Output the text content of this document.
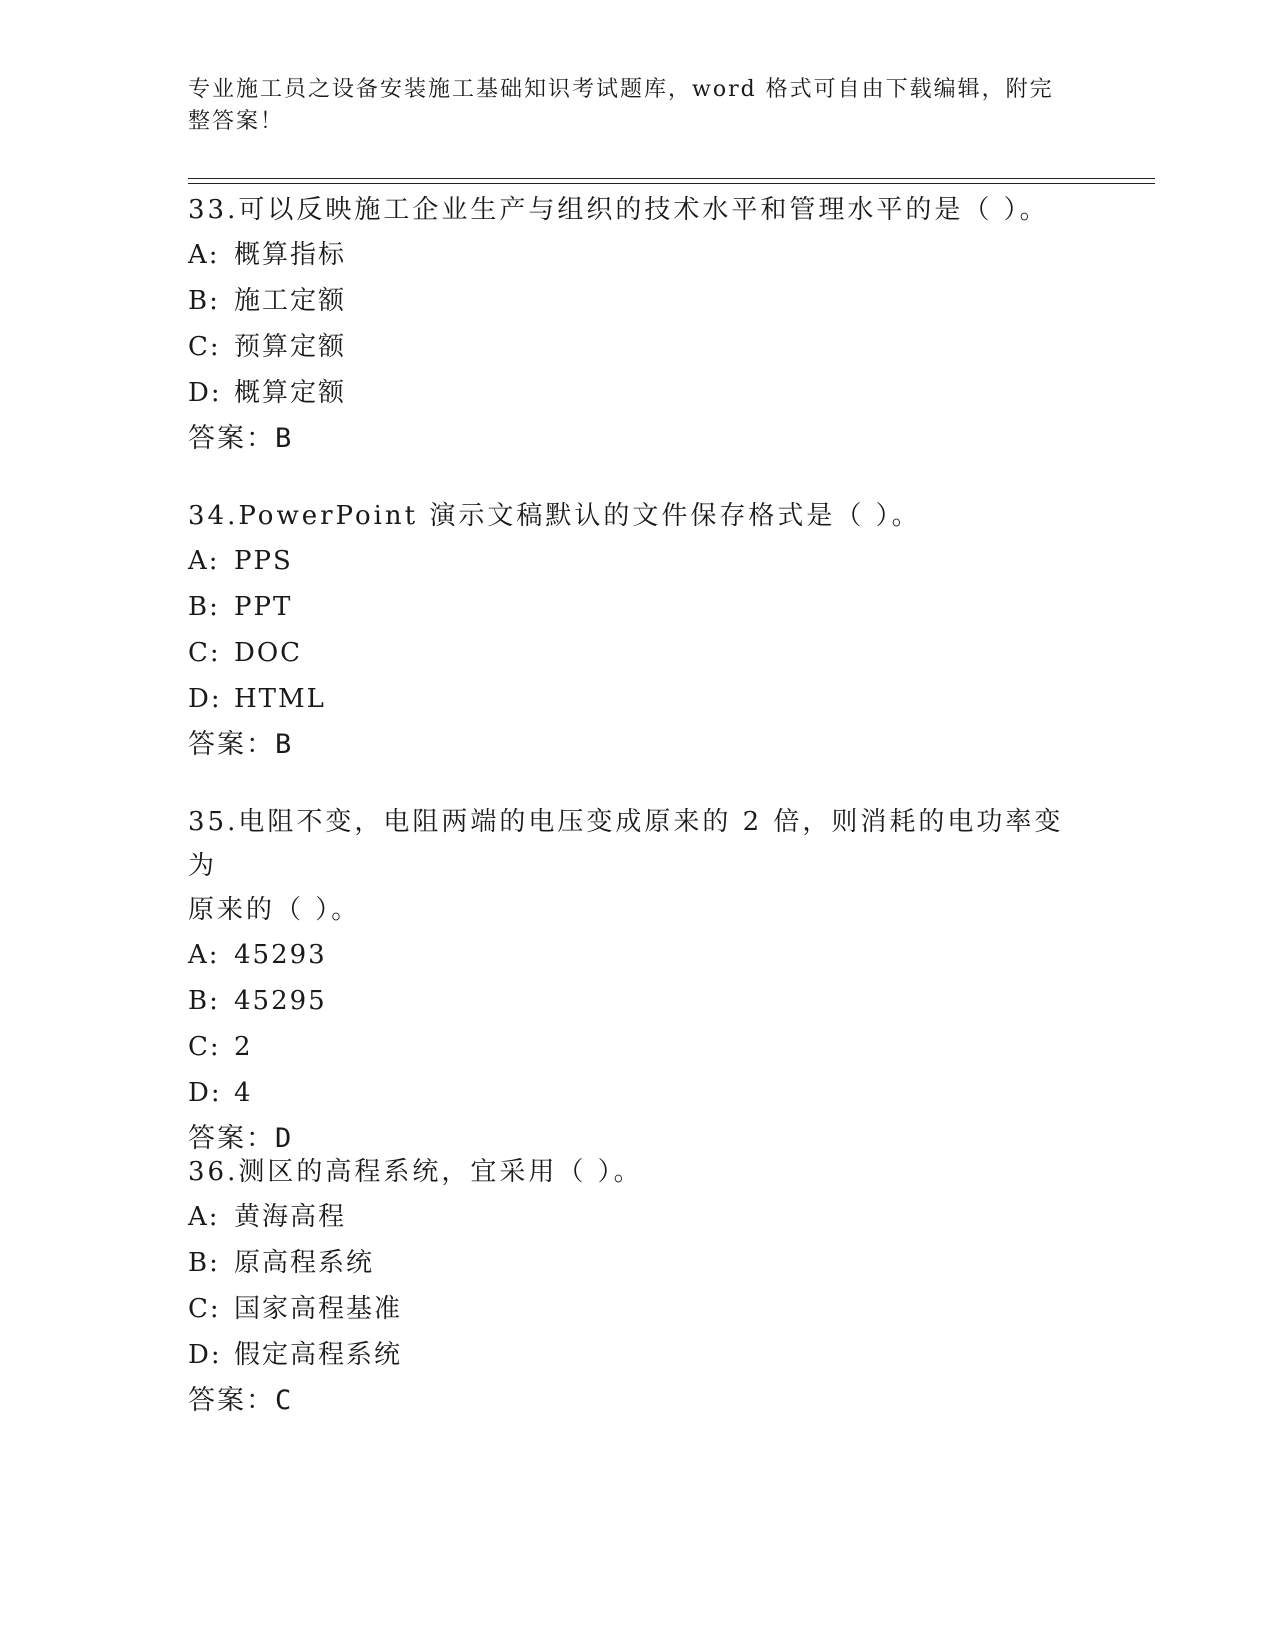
专业施工员之设备安装施工基础知识考试题库，word 格式可自由下载编辑，附完
整答案！

33.可以反映施工企业生产与组织的技术水平和管理水平的是（ ）。

A: 概算指标

B: 施工定额

C: 预算定额

D: 概算定额

答案：B

34.PowerPoint 演示文稿默认的文件保存格式是（ ）。

A: PPS

B: PPT

C: DOC

D: HTML

答案：B

35.电阻不变，电阻两端的电压变成原来的 2 倍，则消耗的电功率变为

原来的（ ）。

A: 45293

B: 45295

C: 2

D: 4

答案：D

36.测区的高程系统，宜采用（ ）。

A: 黄海高程

B: 原高程系统

C: 国家高程基准

D: 假定高程系统

答案：C
